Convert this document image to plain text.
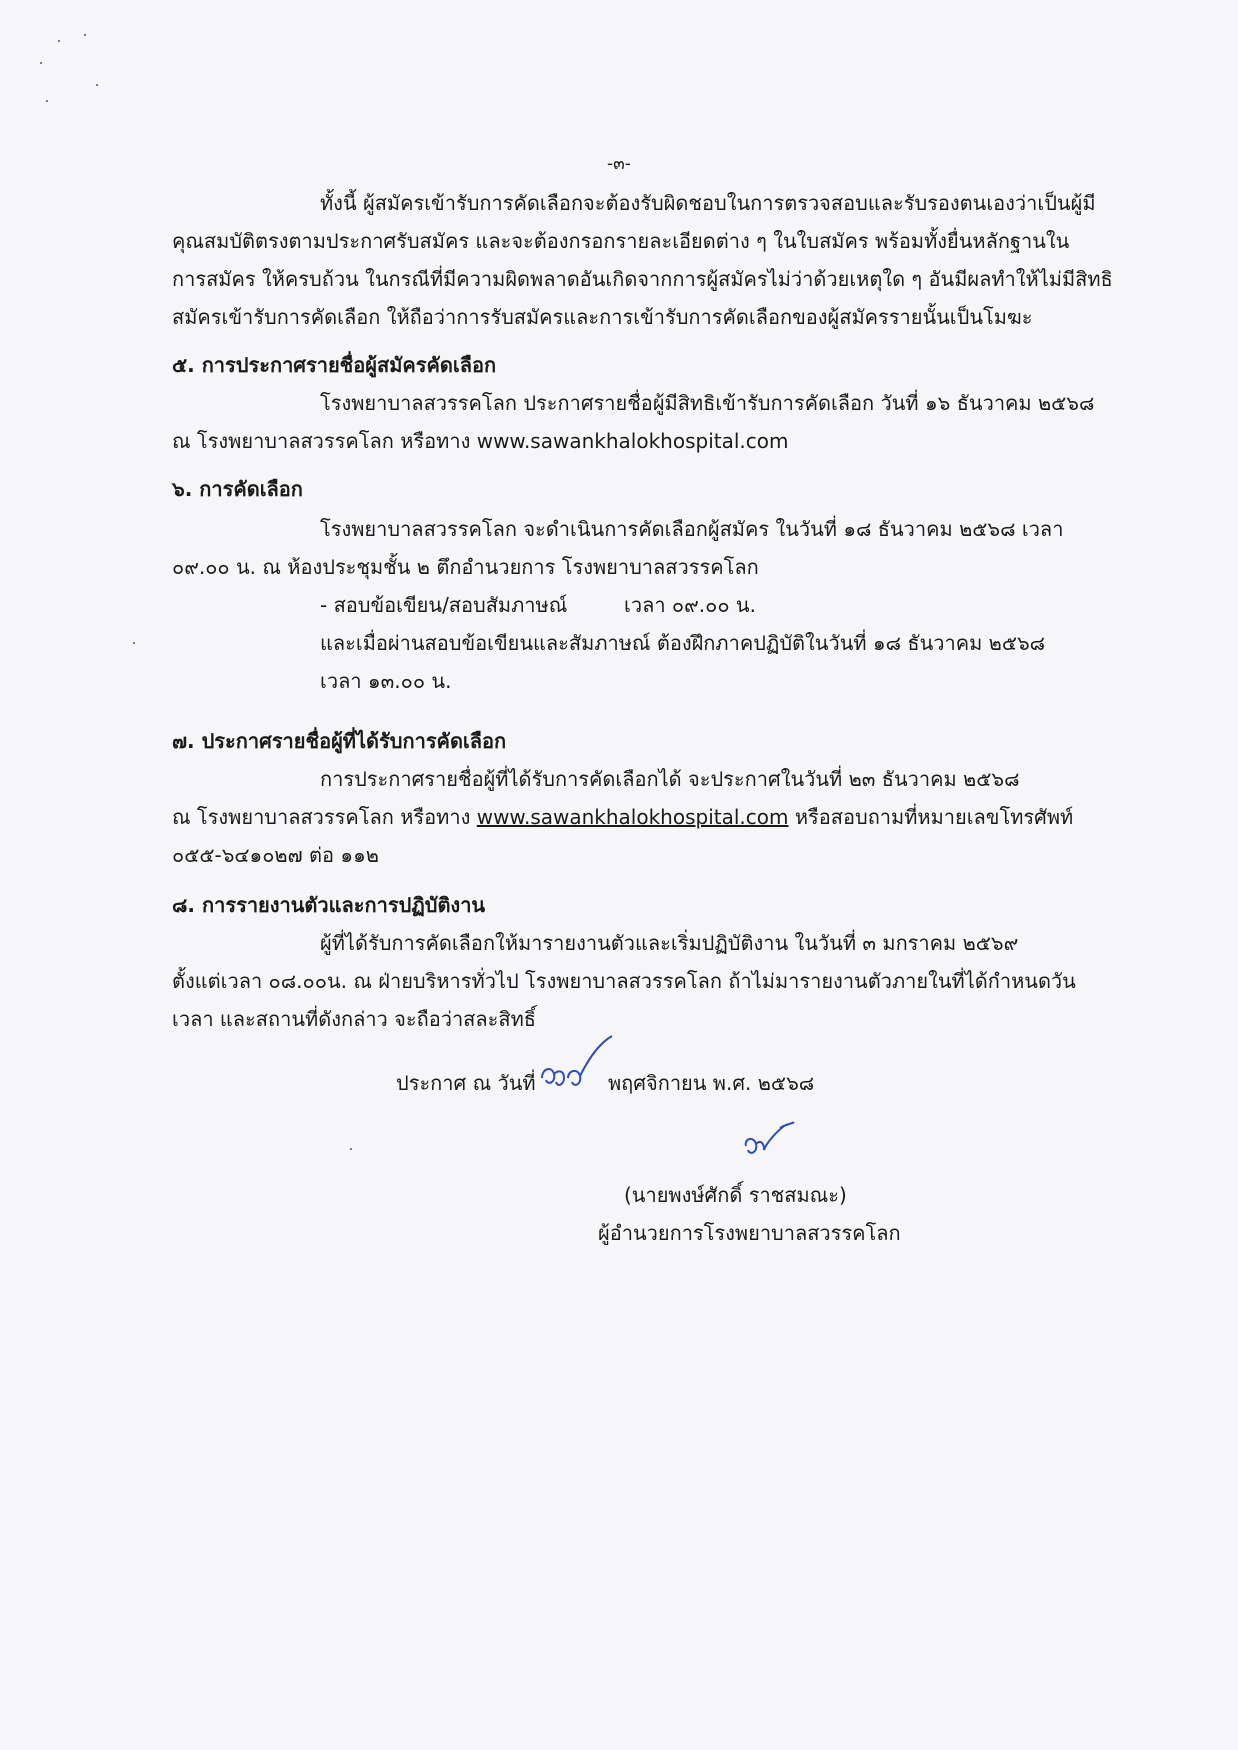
-๓-
ทั้งนี้ ผู้สมัครเข้ารับการคัดเลือกจะต้องรับผิดชอบในการตรวจสอบและรับรองตนเองว่าเป็นผู้มี
คุณสมบัติตรงตามประกาศรับสมัคร และจะต้องกรอกรายละเอียดต่าง ๆ ในใบสมัคร พร้อมทั้งยื่นหลักฐานใน
การสมัคร ให้ครบถ้วน ในกรณีที่มีความผิดพลาดอันเกิดจากการผู้สมัครไม่ว่าด้วยเหตุใด ๆ อันมีผลทำให้ไม่มีสิทธิ
สมัครเข้ารับการคัดเลือก ให้ถือว่าการรับสมัครและการเข้ารับการคัดเลือกของผู้สมัครรายนั้นเป็นโมฆะ
๕. การประกาศรายชื่อผู้สมัครคัดเลือก
โรงพยาบาลสวรรคโลก ประกาศรายชื่อผู้มีสิทธิเข้ารับการคัดเลือก วันที่ ๑๖ ธันวาคม ๒๕๖๘
ณ โรงพยาบาลสวรรคโลก หรือทาง www.sawankhalokhospital.com
๖. การคัดเลือก
โรงพยาบาลสวรรคโลก จะดำเนินการคัดเลือกผู้สมัคร ในวันที่ ๑๘ ธันวาคม ๒๕๖๘ เวลา
๐๙.๐๐ น. ณ ห้องประชุมชั้น ๒ ตึกอำนวยการ โรงพยาบาลสวรรคโลก
- สอบข้อเขียน/สอบสัมภาษณ์	เวลา ๐๙.๐๐ น.
และเมื่อผ่านสอบข้อเขียนและสัมภาษณ์ ต้องฝึกภาคปฏิบัติในวันที่ ๑๘ ธันวาคม ๒๕๖๘
เวลา ๑๓.๐๐ น.
๗. ประกาศรายชื่อผู้ที่ได้รับการคัดเลือก
การประกาศรายชื่อผู้ที่ได้รับการคัดเลือกได้ จะประกาศในวันที่ ๒๓ ธันวาคม ๒๕๖๘
ณ โรงพยาบาลสวรรคโลก หรือทาง www.sawankhalokhospital.com หรือสอบถามที่หมายเลขโทรศัพท์
๐๕๕-๖๔๑๐๒๗ ต่อ ๑๑๒
๘. การรายงานตัวและการปฏิบัติงาน
ผู้ที่ได้รับการคัดเลือกให้มารายงานตัวและเริ่มปฏิบัติงาน ในวันที่ ๓ มกราคม ๒๕๖๙
ตั้งแต่เวลา ๐๘.๐๐น. ณ ฝ่ายบริหารทั่วไป โรงพยาบาลสวรรคโลก ถ้าไม่มารายงานตัวภายในที่ได้กำหนดวัน
เวลา และสถานที่ดังกล่าว จะถือว่าสละสิทธิ์
ประกาศ ณ วันที่	พฤศจิกายน พ.ศ. ๒๕๖๘
(นายพงษ์ศักดิ์ ราชสมณะ)
ผู้อำนวยการโรงพยาบาลสวรรคโลก
